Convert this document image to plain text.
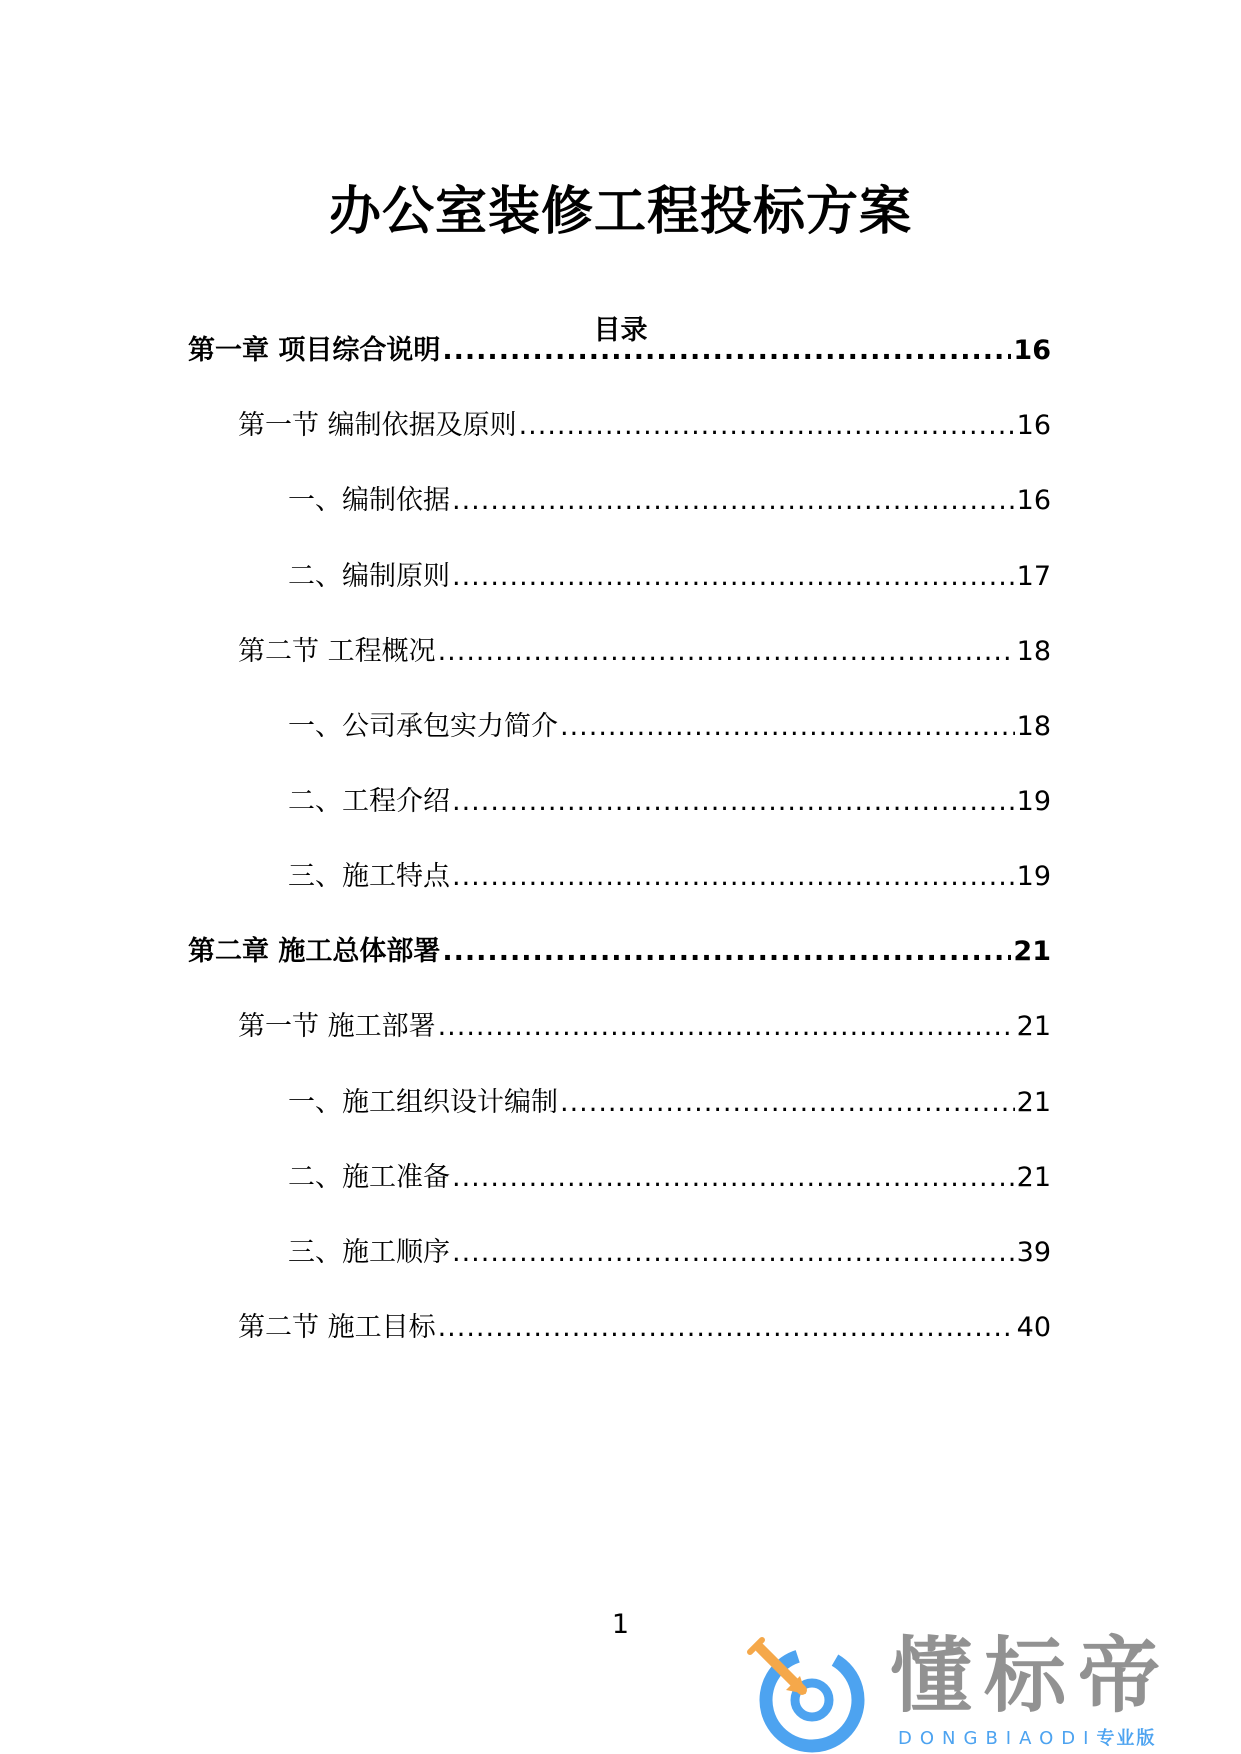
办公室装修工程投标方案
目录
第一章 项目综合说明 .....	16
第一节 编制依据及原则 .....	16
一、编制依据 .....	16
二、编制原则 .....	17
第二节 工程概况 .....	18
一、公司承包实力简介 .....	18
二、工程介绍 .....	19
三、施工特点 .....	19
第二章 施工总体部署 .....	21
第一节 施工部署 .....	21
一、施工组织设计编制 .....	21
二、施工准备 .....	21
三、施工顺序 .....	39
第二节 施工目标 .....	40
1
懂标帝
DONGBIAODI专业版
